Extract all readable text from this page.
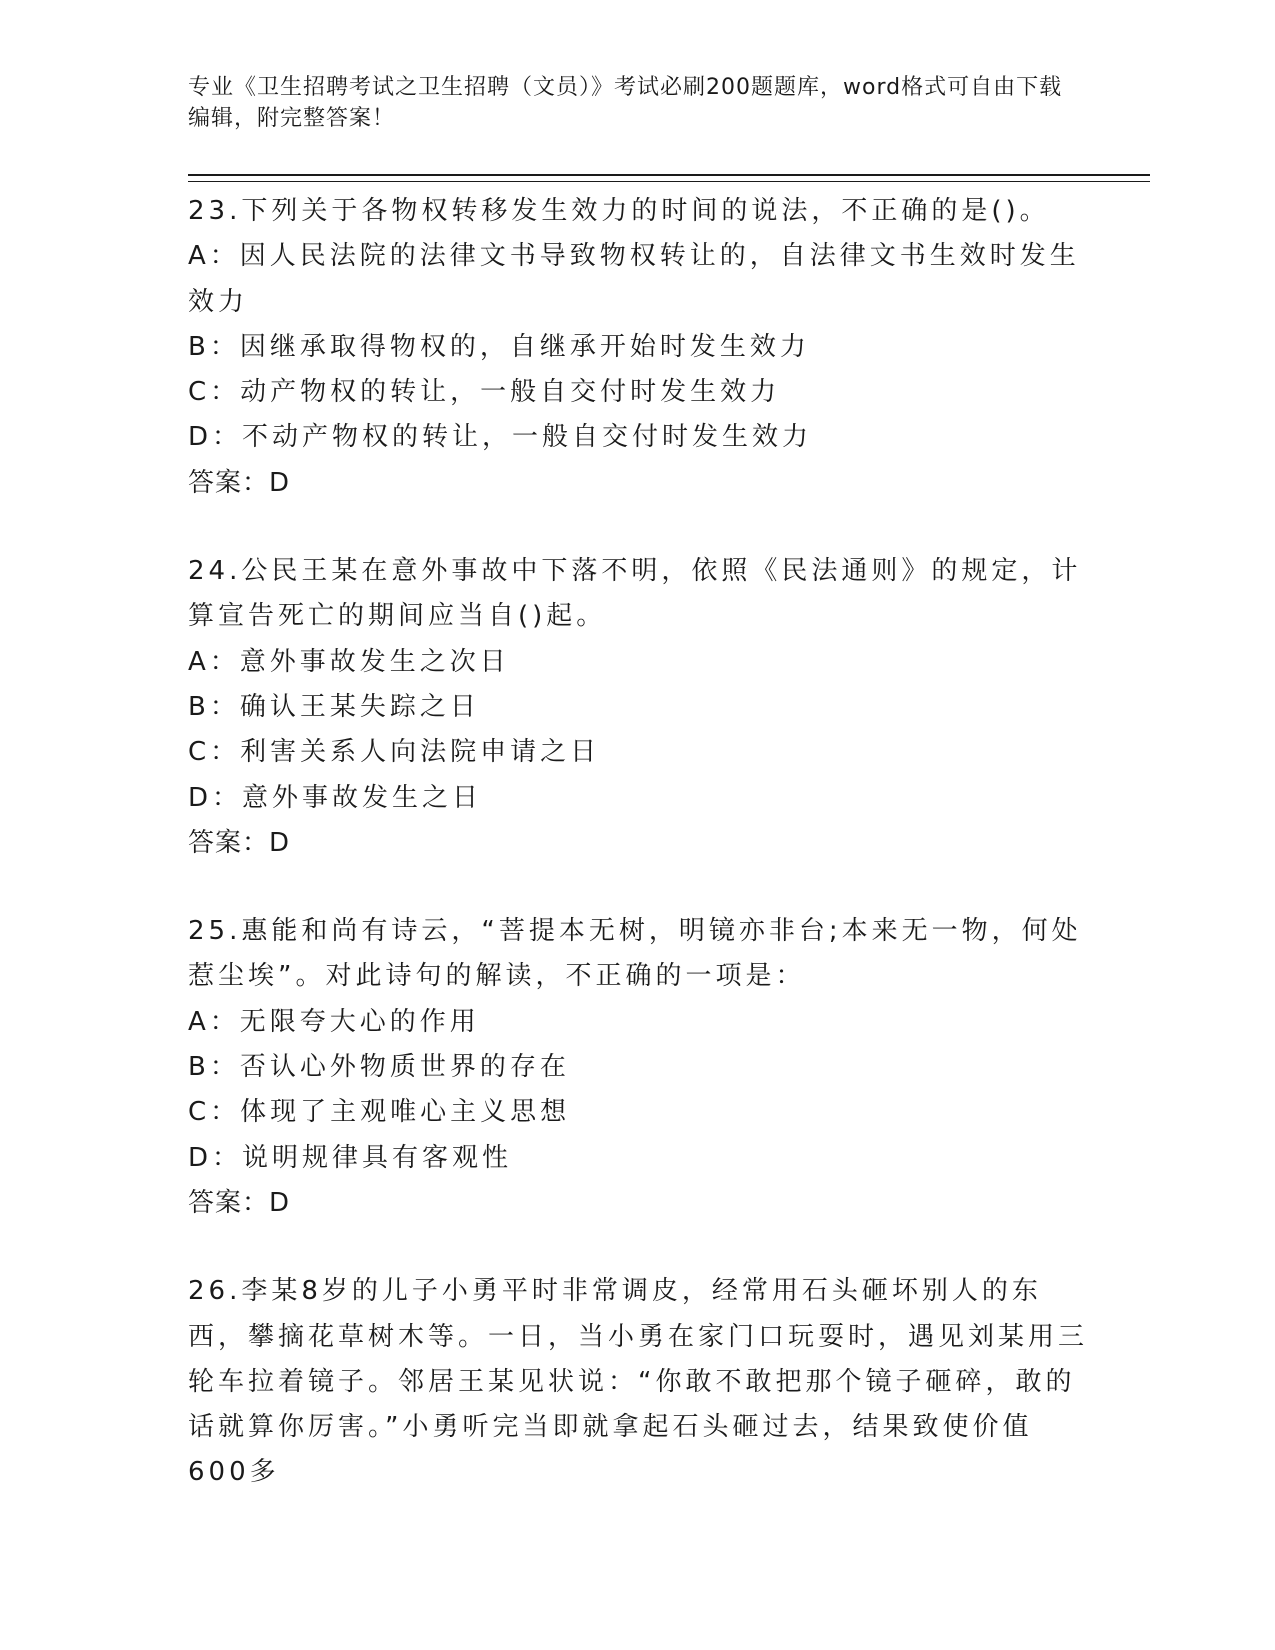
专业《卫生招聘考试之卫生招聘（文员）》考试必刷200题题库，word格式可自由下载编辑，附完整答案！
23.下列关于各物权转移发生效力的时间的说法，不正确的是()。
A：因人民法院的法律文书导致物权转让的，自法律文书生效时发生效力
B：因继承取得物权的，自继承开始时发生效力
C：动产物权的转让，一般自交付时发生效力
D：不动产物权的转让，一般自交付时发生效力
答案：D
24.公民王某在意外事故中下落不明，依照《民法通则》的规定，计算宣告死亡的期间应当自()起。
A：意外事故发生之次日
B：确认王某失踪之日
C：利害关系人向法院申请之日
D：意外事故发生之日
答案：D
25.惠能和尚有诗云，“菩提本无树，明镜亦非台;本来无一物，何处惹尘埃”。对此诗句的解读，不正确的一项是：
A：无限夸大心的作用
B：否认心外物质世界的存在
C：体现了主观唯心主义思想
D：说明规律具有客观性
答案：D
26.李某8岁的儿子小勇平时非常调皮，经常用石头砸坏别人的东西，攀摘花草树木等。一日，当小勇在家门口玩耍时，遇见刘某用三轮车拉着镜子。邻居王某见状说：“你敢不敢把那个镜子砸碎，敢的话就算你厉害。”小勇听完当即就拿起石头砸过去，结果致使价值600多
